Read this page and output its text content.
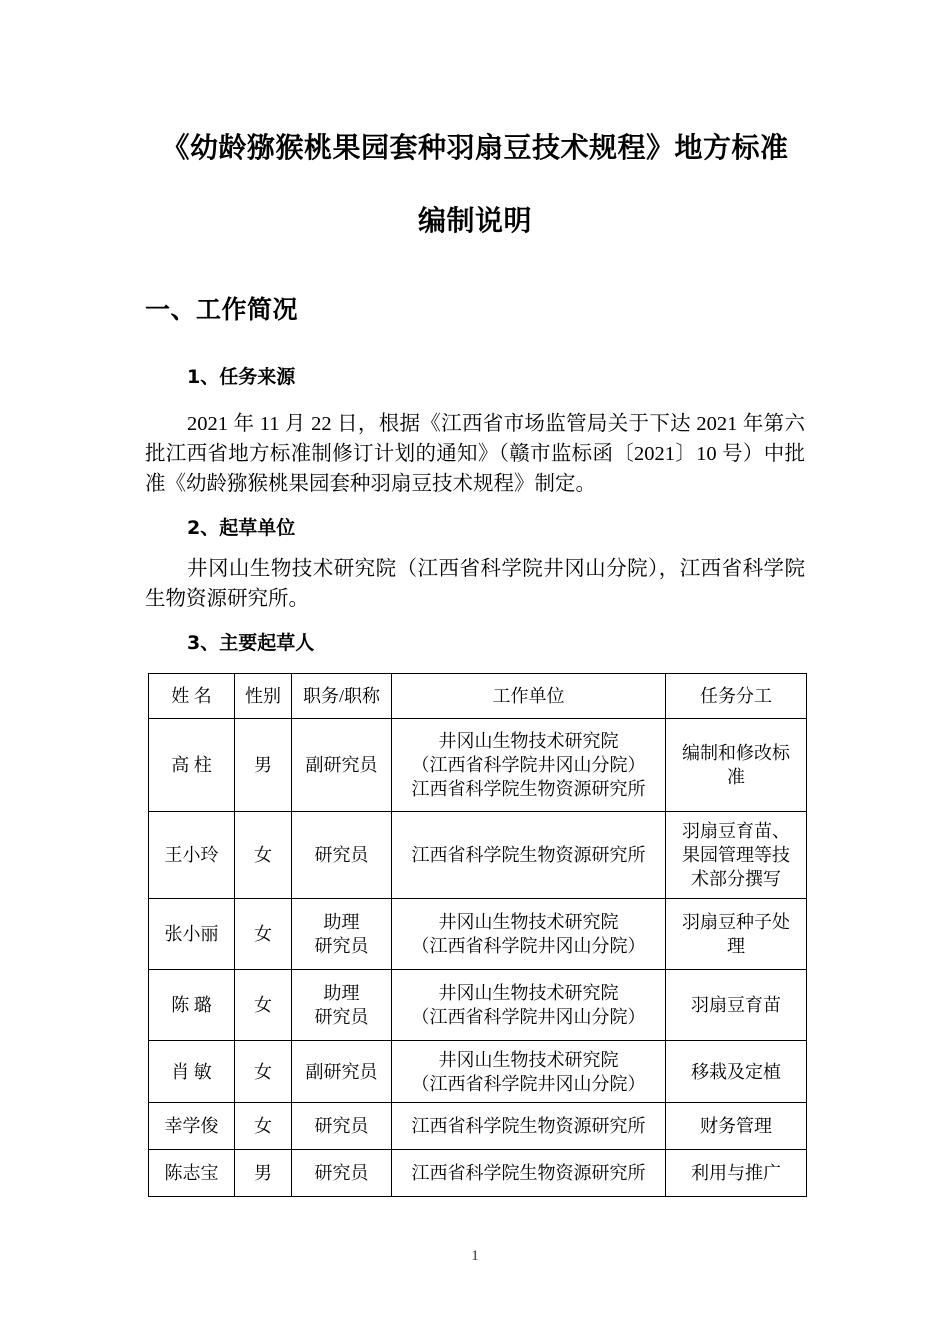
《幼龄猕猴桃果园套种羽扇豆技术规程》地方标准
编制说明
一、工作简况
1、任务来源

2021 年 11 月 22 日，根据《江西省市场监管局关于下达 2021 年第六批江西省地方标准制修订计划的通知》（赣市监标函〔2021〕10 号）中批准《幼龄猕猴桃果园套种羽扇豆技术规程》制定。

2、起草单位

井冈山生物技术研究院（江西省科学院井冈山分院），江西省科学院生物资源研究所。

3、主要起草人
姓 名	性别	职务/职称	工作单位	任务分工
高 柱	男	副研究员	井冈山生物技术研究院
（江西省科学院井冈山分院）
江西省科学院生物资源研究所	编制和修改标
准

王小玲	女	研究员	江西省科学院生物资源研究所	羽扇豆育苗、
果园管理等技
术部分撰写

张小丽	女	助理
研究员	井冈山生物技术研究院
（江西省科学院井冈山分院）	羽扇豆种子处
理

陈 璐	女	助理
研究员	井冈山生物技术研究院
（江西省科学院井冈山分院）	羽扇豆育苗

肖 敏	女	副研究员	井冈山生物技术研究院
（江西省科学院井冈山分院）	移栽及定植

幸学俊	女	研究员	江西省科学院生物资源研究所	财务管理

陈志宝	男	研究员	江西省科学院生物资源研究所	利用与推广
1
